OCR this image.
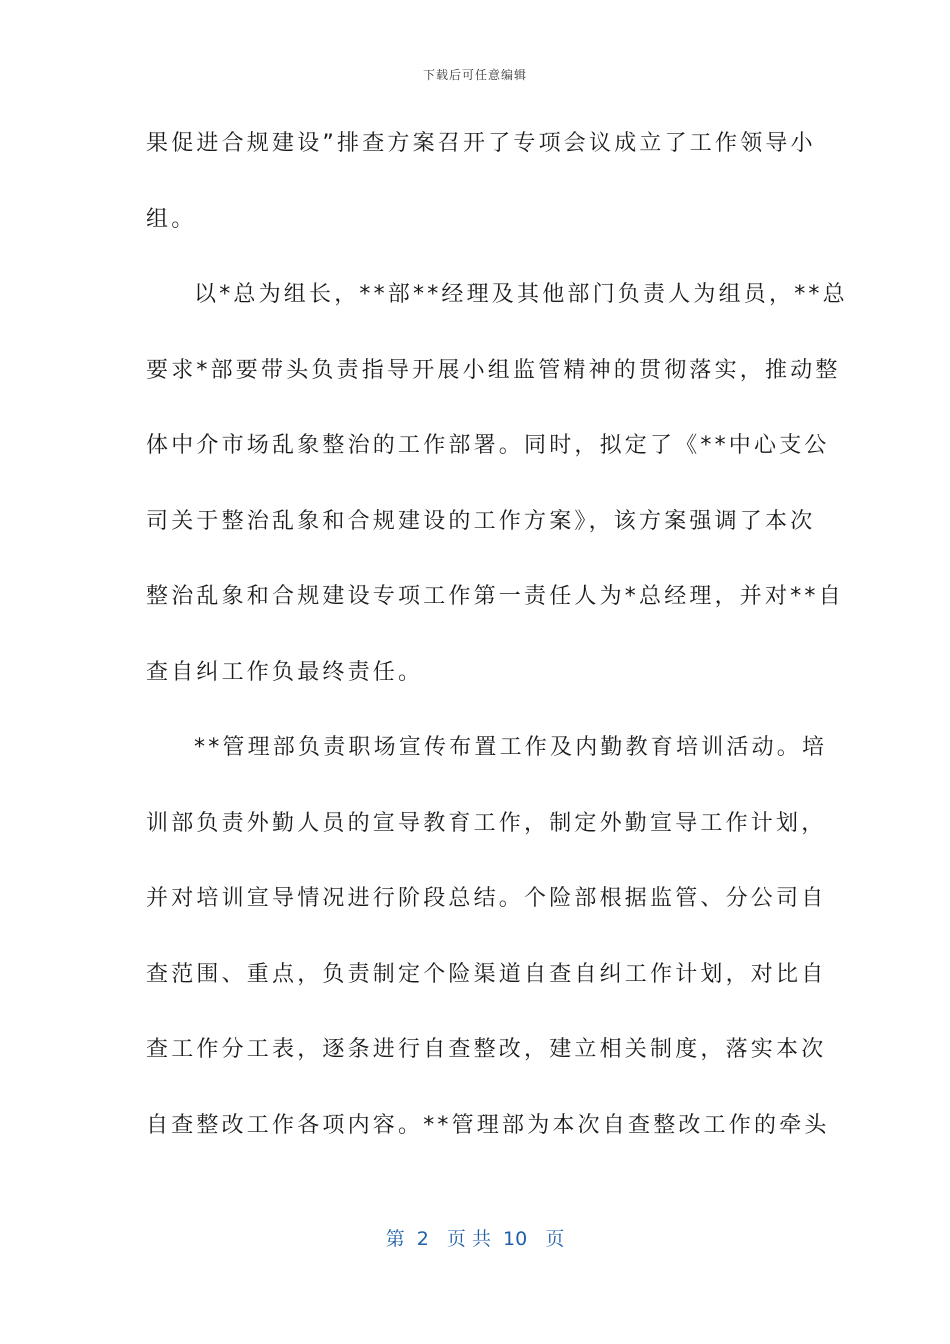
下载后可任意编辑
果促进合规建设”排查方案召开了专项会议成立了工作领导小
组。
以*总为组长，**部**经理及其他部门负责人为组员，**总
要求*部要带头负责指导开展小组监管精神的贯彻落实，推动整
体中介市场乱象整治的工作部署。同时，拟定了《**中心支公
司关于整治乱象和合规建设的工作方案》，该方案强调了本次
整治乱象和合规建设专项工作第一责任人为*总经理，并对**自
查自纠工作负最终责任。
**管理部负责职场宣传布置工作及内勤教育培训活动。培
训部负责外勤人员的宣导教育工作，制定外勤宣导工作计划，
并对培训宣导情况进行阶段总结。个险部根据监管、分公司自
查范围、重点，负责制定个险渠道自查自纠工作计划，对比自
查工作分工表，逐条进行自查整改，建立相关制度，落实本次
自查整改工作各项内容。**管理部为本次自查整改工作的牵头
第  2   页 共  10   页
